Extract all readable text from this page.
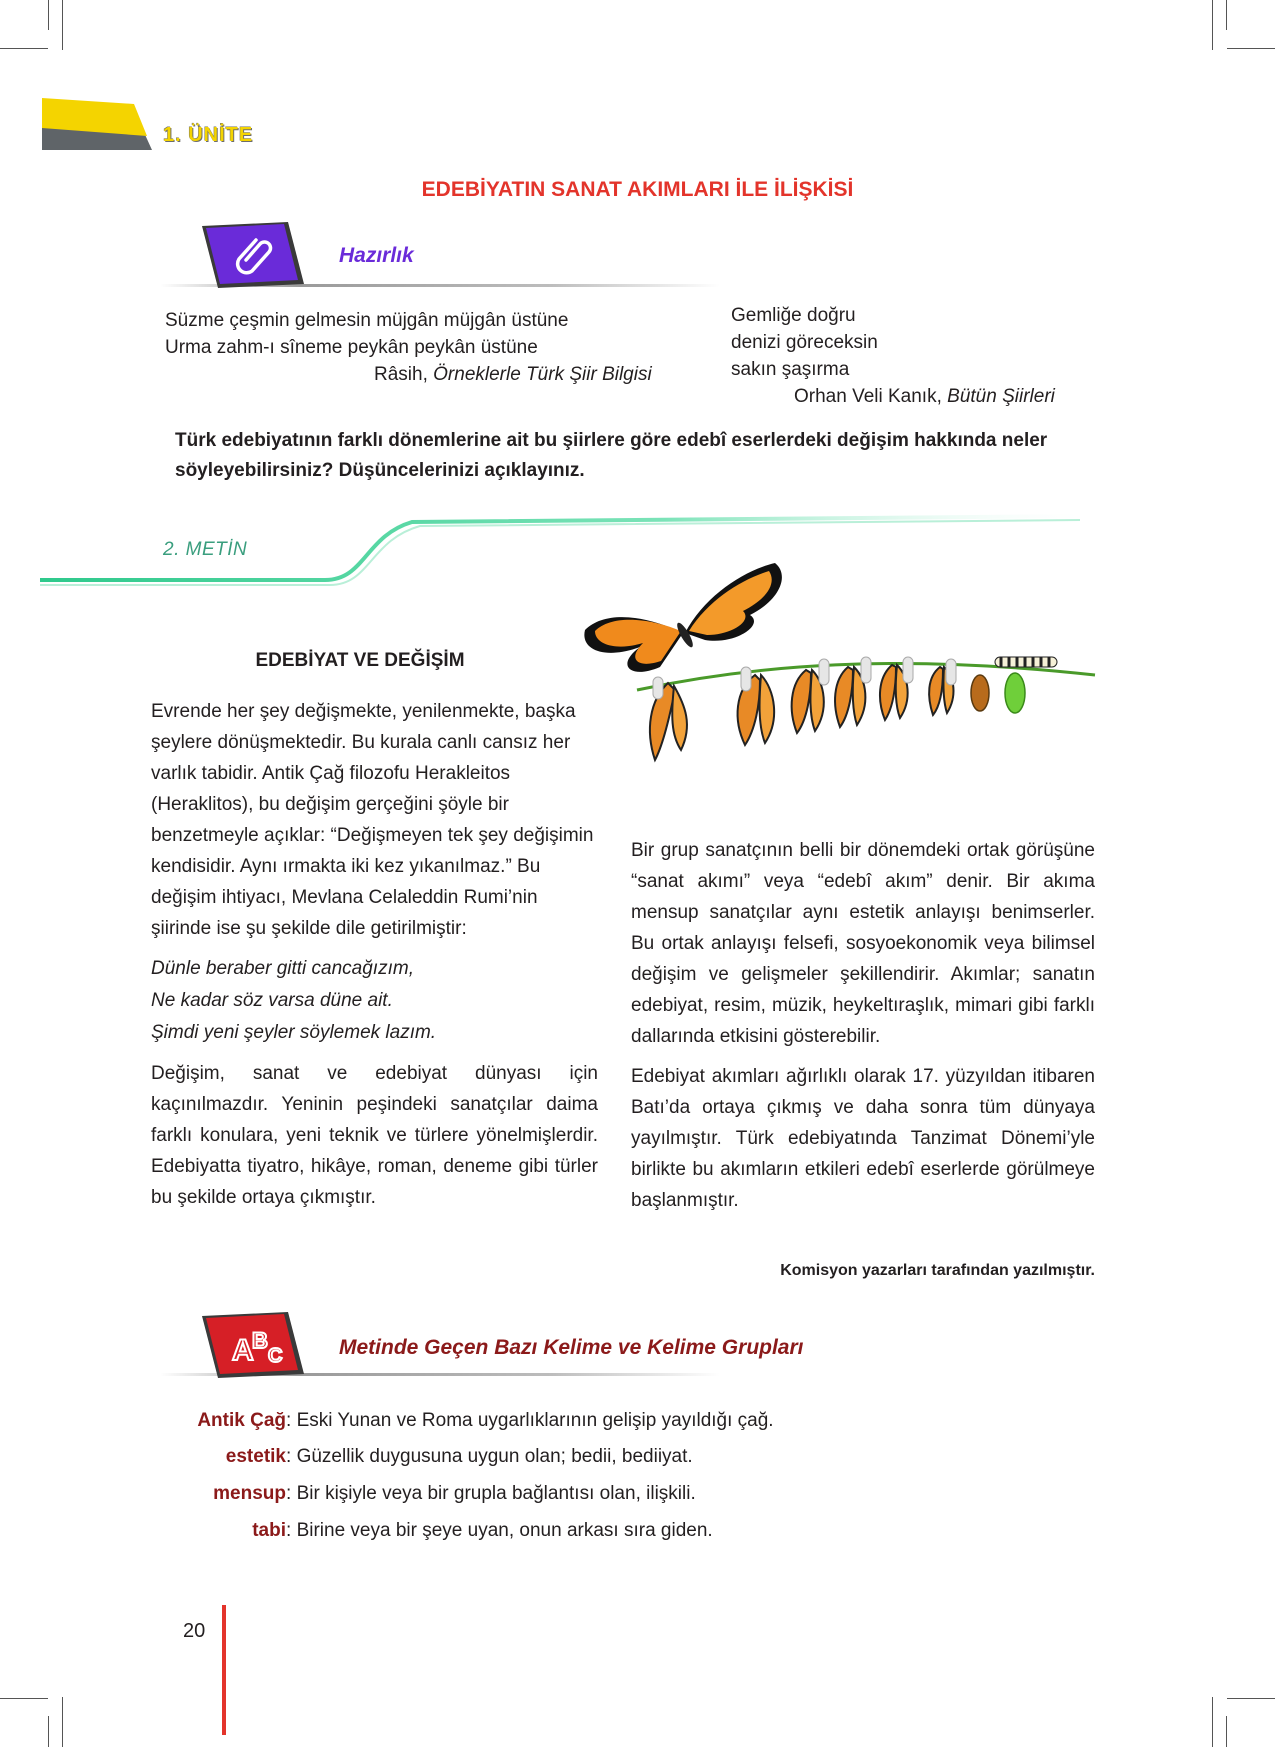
1. ÜNİTE
EDEBİYATIN SANAT AKIMLARI İLE İLİŞKİSİ
Hazırlık
Süzme çeşmin gelmesin müjgân müjgân üstüne
Urma zahm-ı sîneme peykân peykân üstüne
Râsih, Örneklerle Türk Şiir Bilgisi
Gemliğe doğru
denizi göreceksin
sakın şaşırma
Orhan Veli Kanık, Bütün Şiirleri
Türk edebiyatının farklı dönemlerine ait bu şiirlere göre edebî eserlerdeki değişim hakkında neler söyleyebilirsiniz? Düşüncelerinizi açıklayınız.
2. METİN
EDEBİYAT VE DEĞİŞİM

Evrende her şey değişmekte, yenilenmekte, başka şeylere dönüşmektedir. Bu kurala canlı cansız her varlık tabidir. Antik Çağ filozofu Herakleitos (Heraklitos), bu değişim gerçeğini şöyle bir benzetmeyle açıklar: “Değişmeyen tek şey değişimin kendisidir. Aynı ırmakta iki kez yıkanılmaz.” Bu değişim ihtiyacı, Mevlana Celaleddin Rumi’nin şiirinde ise şu şekilde dile getirilmiştir:

Dünle beraber gitti cancağızım,
Ne kadar söz varsa düne ait.
Şimdi yeni şeyler söylemek lazım.

Değişim, sanat ve edebiyat dünyası için kaçınılmazdır. Yeninin peşindeki sanatçılar daima farklı konulara, yeni teknik ve türlere yönelmişlerdir. Edebiyatta tiyatro, hikâye, roman, deneme gibi türler bu şekilde ortaya çıkmıştır.

Bir grup sanatçının belli bir dönemdeki ortak görüşüne “sanat akımı” veya “edebî akım” denir. Bir akıma mensup sanatçılar aynı estetik anlayışı benimserler. Bu ortak anlayışı felsefi, sosyoekonomik veya bilimsel değişim ve gelişmeler şekillendirir. Akımlar; sanatın edebiyat, resim, müzik, heykeltıraşlık, mimari gibi farklı dallarında etkisini gösterebilir.

Edebiyat akımları ağırlıklı olarak 17. yüzyıldan itibaren Batı’da ortaya çıkmış ve daha sonra tüm dünyaya yayılmıştır. Türk edebiyatında Tanzimat Dönemi’yle birlikte bu akımların etkileri edebî eserlerde görülmeye başlanmıştır.

Komisyon yazarları tarafından yazılmıştır.
A
B
C	Metinde Geçen Bazı Kelime ve Kelime Grupları
Antik Çağ: Eski Yunan ve Roma uygarlıklarının gelişip yayıldığı çağ.
estetik: Güzellik duygusuna uygun olan; bedii, bediiyat.
mensup: Bir kişiyle veya bir grupla bağlantısı olan, ilişkili.
tabi: Birine veya bir şeye uyan, onun arkası sıra giden.
20
